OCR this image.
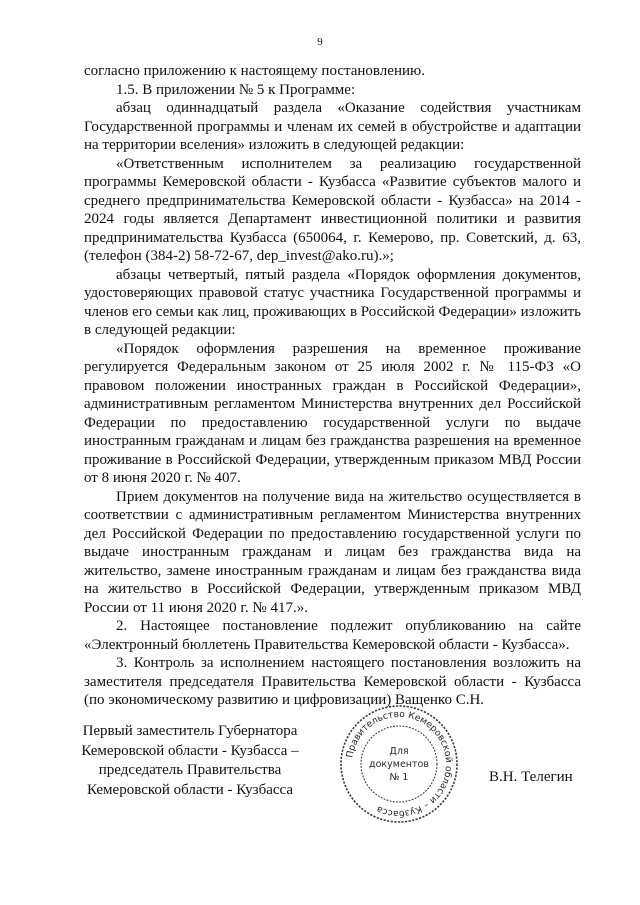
9

согласно приложению к настоящему постановлению.

1.5. В приложении № 5 к Программе:

абзац одиннадцатый раздела «Оказание содействия участникам Государственной программы и членам их семей в обустройстве и адаптации на территории вселения» изложить в следующей редакции:

«Ответственным исполнителем за реализацию государственной программы Кемеровской области - Кузбасса «Развитие субъектов малого и среднего предпринимательства Кемеровской области - Кузбасса» на 2014 - 2024 годы является Департамент инвестиционной политики и развития предпринимательства Кузбасса (650064, г. Кемерово, пр. Советский, д. 63, (телефон (384-2) 58-72-67, dep_invest@ako.ru).»;

абзацы четвертый, пятый раздела «Порядок оформления документов, удостоверяющих правовой статус участника Государственной программы и членов его семьи как лиц, проживающих в Российской Федерации» изложить в следующей редакции:

«Порядок оформления разрешения на временное проживание регулируется Федеральным законом от 25 июля 2002 г. № 115-ФЗ «О правовом положении иностранных граждан в Российской Федерации», административным регламентом Министерства внутренних дел Российской Федерации по предоставлению государственной услуги по выдаче иностранным гражданам и лицам без гражданства разрешения на временное проживание в Российской Федерации, утвержденным приказом МВД России от 8 июня 2020 г. № 407.

Прием документов на получение вида на жительство осуществляется в соответствии с административным регламентом Министерства внутренних дел Российской Федерации по предоставлению государственной услуги по выдаче иностранным гражданам и лицам без гражданства вида на жительство, замене иностранным гражданам и лицам без гражданства вида на жительство в Российской Федерации, утвержденным приказом МВД России от 11 июня 2020 г. № 417.».

2. Настоящее постановление подлежит опубликованию на сайте «Электронный бюллетень Правительства Кемеровской области - Кузбасса».

3. Контроль за исполнением настоящего постановления возложить на заместителя председателя Правительства Кемеровской области - Кузбасса (по экономическому развитию и цифровизации) Ващенко С.Н.

Первый заместитель Губернатора
Кемеровской области - Кузбасса –
председатель Правительства
Кемеровской области - Кузбасса
Правительство Кемеровской области – Кузбасса
Для
документов
№ 1	В.Н. Телегин
